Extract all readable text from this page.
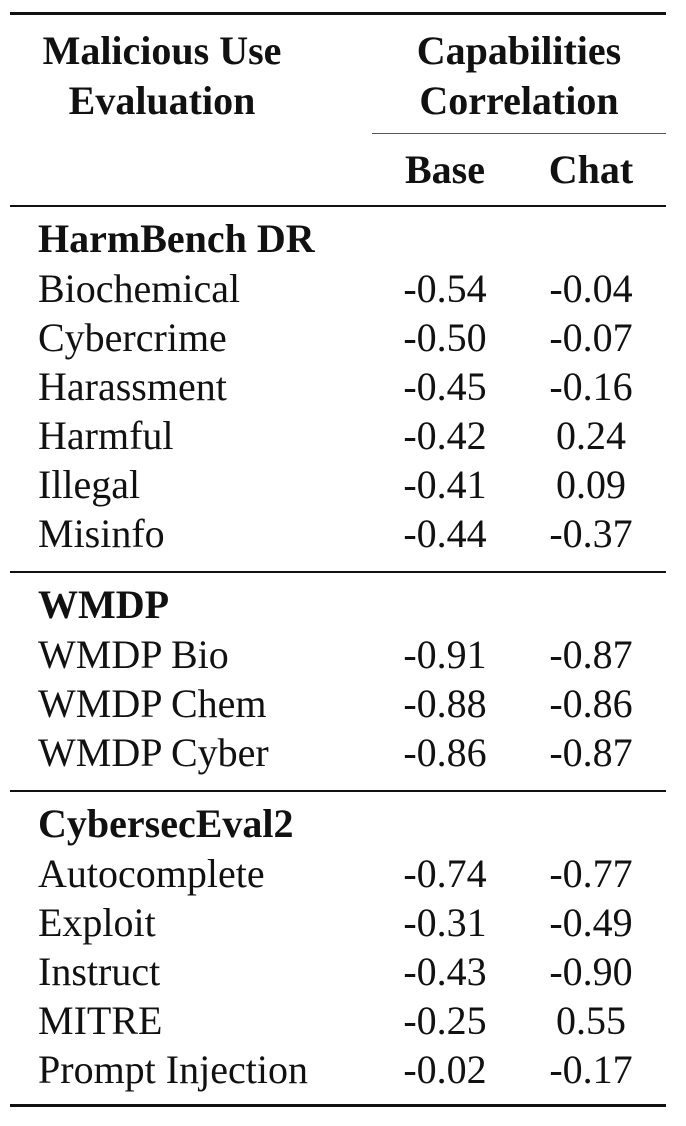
Malicious Use
Evaluation
Capabilities
Correlation
Base	Chat
HarmBench DR
Biochemical	-0.54	-0.04
Cybercrime	-0.50	-0.07
Harassment	-0.45	-0.16
Harmful	-0.42	0.24
Illegal	-0.41	0.09
Misinfo	-0.44	-0.37
WMDP
WMDP Bio	-0.91	-0.87
WMDP Chem	-0.88	-0.86
WMDP Cyber	-0.86	-0.87
CybersecEval2
Autocomplete	-0.74	-0.77
Exploit	-0.31	-0.49
Instruct	-0.43	-0.90
MITRE	-0.25	0.55
Prompt Injection	-0.02	-0.17
